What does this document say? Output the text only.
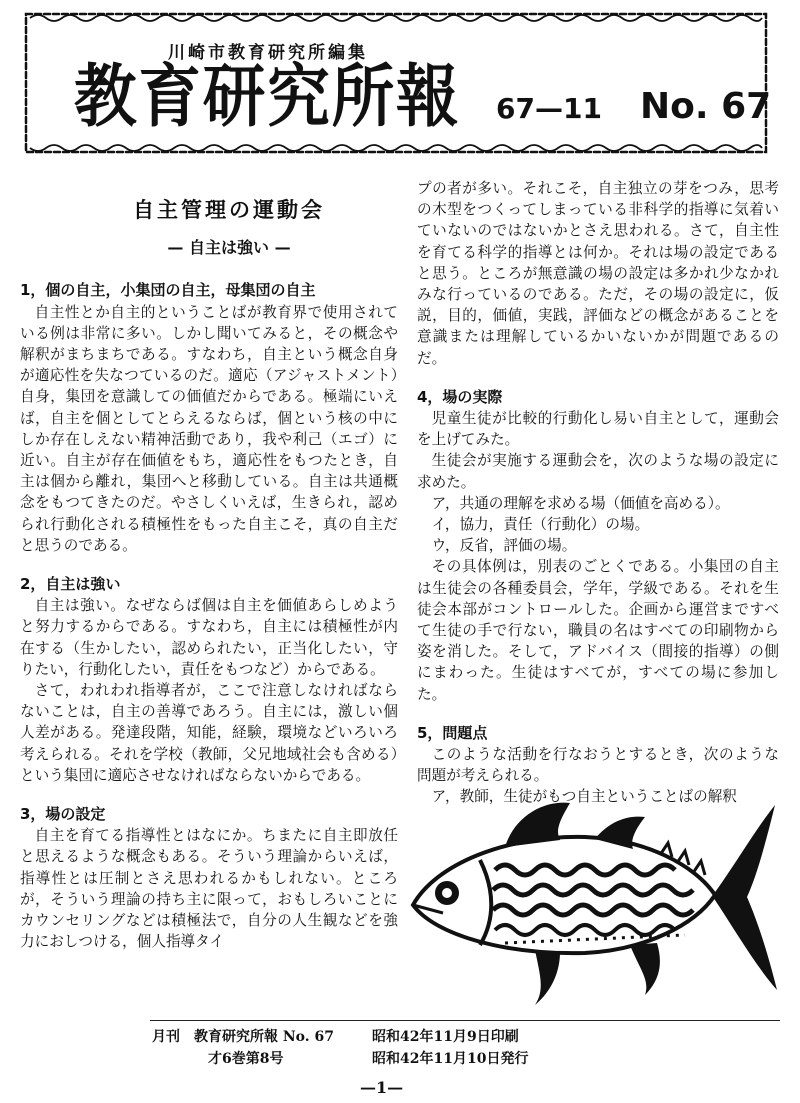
川崎市教育研究所編集
教育研究所報 67—11 No. 67
自主管理の運動会
— 自主は強い —
1，個の自主，小集団の自主，母集団の自主

自主性とか自主的ということばが教育界で使用されている例は非常に多い。しかし聞いてみると，その概念や解釈がまちまちである。すなわち，自主という概念自身が適応性を失なつているのだ。適応（アジャストメント）自身，集団を意識しての価値だからである。極端にいえば，自主を個としてとらえるならば，個という核の中にしか存在しえない精神活動であり，我や利己（エゴ）に近い。自主が存在価値をもち，適応性をもつたとき，自主は個から離れ，集団へと移動している。自主は共通概念をもつてきたのだ。やさしくいえば，生きられ，認められ行動化される積極性をもった自主こそ，真の自主だと思うのである。

2，自主は強い

自主は強い。なぜならば個は自主を価値あらしめようと努力するからである。すなわち，自主には積極性が内在する（生かしたい，認められたい，正当化したい，守りたい，行動化したい，責任をもつなど）からである。

さて，われわれ指導者が，ここで注意しなければならないことは，自主の善導であろう。自主には，激しい個人差がある。発達段階，知能，経験，環境などいろいろ考えられる。それを学校（教師，父兄地域社会も含める）という集団に適応させなければならないからである。

3，場の設定

自主を育てる指導性とはなにか。ちまたに自主即放任と思えるような概念もある。そういう理論からいえば，指導性とは圧制とさえ思われるかもしれない。ところが，そういう理論の持ち主に限って，おもしろいことにカウンセリングなどは積極法で，自分の人生観などを強力におしつける，個人指導タイ

プの者が多い。それこそ，自主独立の芽をつみ，思考の木型をつくってしまっている非科学的指導に気着いていないのではないかとさえ思われる。さて，自主性を育てる科学的指導とは何か。それは場の設定であると思う。ところが無意識の場の設定は多かれ少なかれみな行っているのである。ただ，その場の設定に，仮説，目的，価値，実践，評価などの概念があることを意識または理解しているかいないかが問題であるのだ。

4，場の実際

児童生徒が比較的行動化し易い自主として，運動会を上げてみた。

生徒会が実施する運動会を，次のような場の設定に求めた。

ア，共通の理解を求める場（価値を高める）。

イ，協力，責任（行動化）の場。

ウ，反省，評価の場。

その具体例は，別表のごとくである。小集団の自主は生徒会の各種委員会，学年，学級である。それを生徒会本部がコントロールした。企画から運営まですべて生徒の手で行ない，職員の名はすべての印刷物から姿を消した。そして，アドバイス（間接的指導）の側にまわった。生徒はすべてが，すべての場に参加した。

5，問題点

このような活動を行なおうとするとき，次のような問題が考えられる。

ア，教師，生徒がもつ自主ということばの解釈

月刊　教育研究所報 No. 67
才6巻第8号
昭和42年11月9日印刷
昭和42年11月10日発行
—1—
